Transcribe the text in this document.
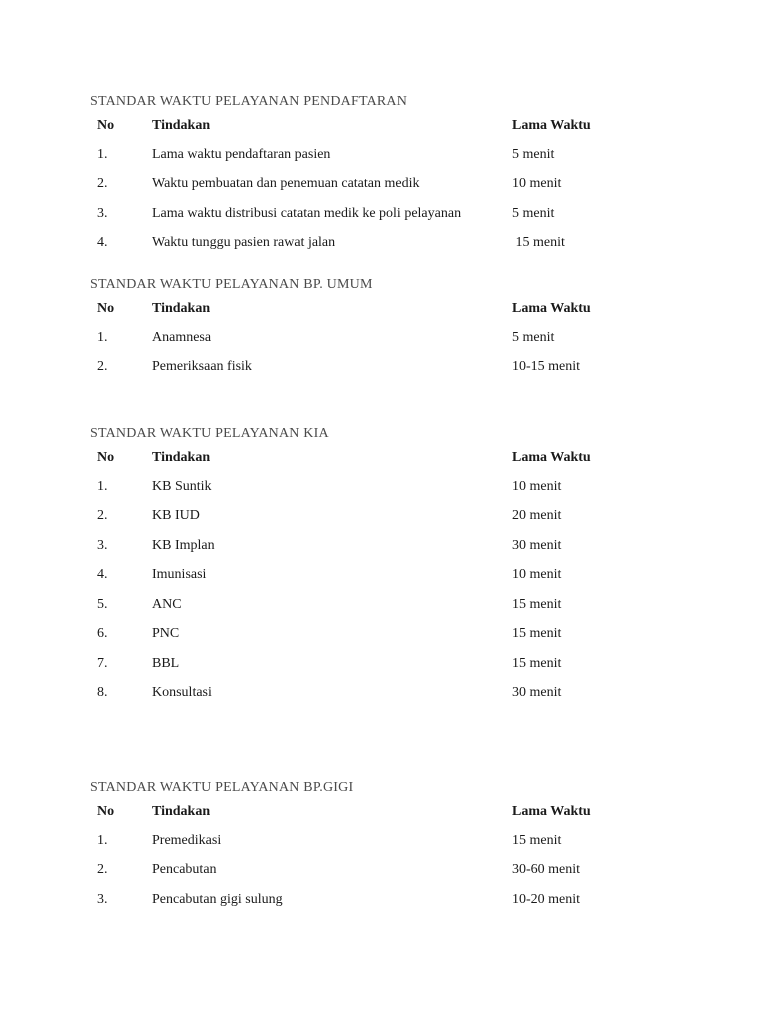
STANDAR WAKTU PELAYANAN PENDAFTARAN
No	Tindakan	Lama Waktu
1.	Lama waktu pendaftaran pasien	5 menit
2.	Waktu pembuatan dan penemuan catatan medik	10 menit
3.	Lama waktu distribusi catatan medik ke poli pelayanan	5 menit
4.	Waktu tunggu pasien rawat jalan	15 menit
STANDAR WAKTU PELAYANAN BP. UMUM
No	Tindakan	Lama Waktu
1.	Anamnesa	5 menit
2.	Pemeriksaan fisik	10-15 menit
STANDAR WAKTU PELAYANAN KIA
No	Tindakan	Lama Waktu
1.	KB Suntik	10 menit
2.	KB IUD	20 menit
3.	KB Implan	30 menit
4.	Imunisasi	10 menit
5.	ANC	15 menit
6.	PNC	15 menit
7.	BBL	15 menit
8.	Konsultasi	30 menit
STANDAR WAKTU PELAYANAN BP.GIGI
No	Tindakan	Lama Waktu
1.	Premedikasi	15 menit
2.	Pencabutan	30-60 menit
3.	Pencabutan gigi sulung	10-20 menit
